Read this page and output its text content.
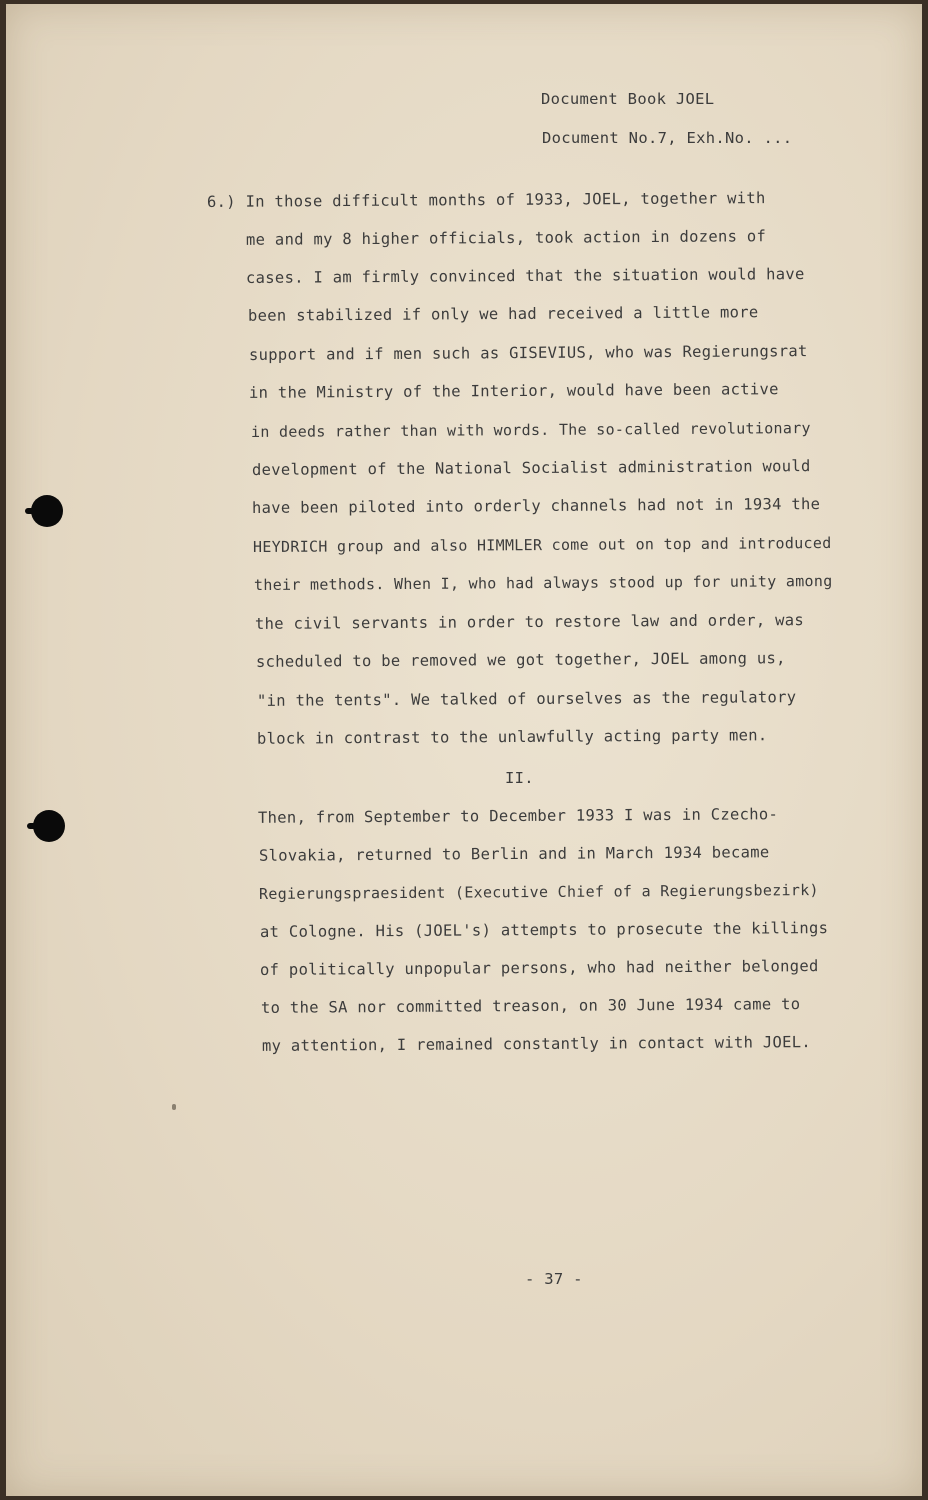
Document Book JOEL
Document No.7, Exh.No. ...
6.) In those difficult months of 1933, JOEL, together with
me and my 8 higher officials, took action in dozens of
cases. I am firmly convinced that the situation would have
been stabilized if only we had received a little more
support and if men such as GISEVIUS, who was Regierungsrat
in the Ministry of the Interior, would have been active
in deeds rather than with words. The so-called revolutionary
development of the National Socialist administration would
have been piloted into orderly channels had not in 1934 the
HEYDRICH group and also HIMMLER come out on top and introduced
their methods. When I, who had always stood up for unity among
the civil servants in order to restore law and order, was
scheduled to be removed we got together, JOEL among us,
"in the tents". We talked of ourselves as the regulatory
block in contrast to the unlawfully acting party men.
II.
Then, from September to December 1933 I was in Czecho-
Slovakia, returned to Berlin and in March 1934 became
Regierungspraesident (Executive Chief of a Regierungsbezirk)
at Cologne. His (JOEL's) attempts to prosecute the killings
of politically unpopular persons, who had neither belonged
to the SA nor committed treason, on 30 June 1934 came to
my attention, I remained constantly in contact with JOEL.
- 37 -
